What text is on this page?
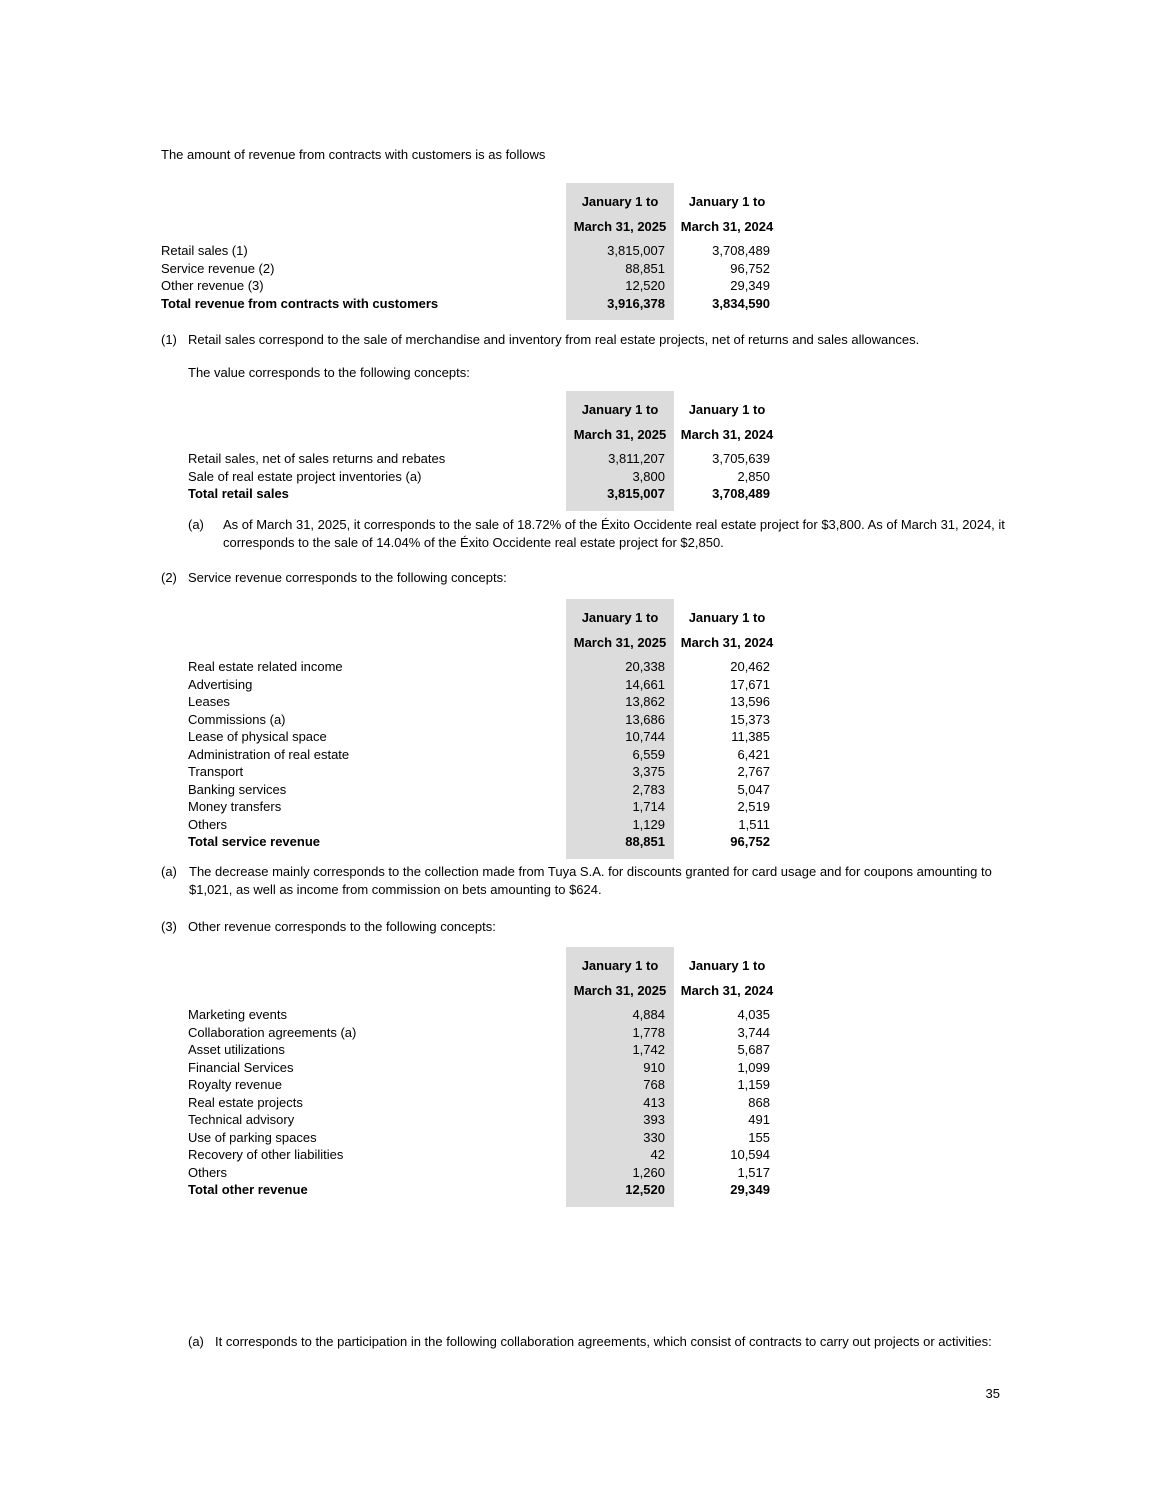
The amount of revenue from contracts with customers is as follows

January 1 to	January 1 to
March 31, 2025	March 31, 2024
Retail sales (1)	3,815,007	3,708,489
Service revenue (2)	88,851	96,752
Other revenue (3)	12,520	29,349
Total revenue from contracts with customers	3,916,378	3,834,590
(1) Retail sales correspond to the sale of merchandise and inventory from real estate projects, net of returns and sales allowances.

The value corresponds to the following concepts:

January 1 to	January 1 to
March 31, 2025	March 31, 2024
Retail sales, net of sales returns and rebates	3,811,207	3,705,639
Sale of real estate project inventories (a)	3,800	2,850
Total retail sales	3,815,007	3,708,489
(a) As of March 31, 2025, it corresponds to the sale of 18.72% of the Éxito Occidente real estate project for $3,800. As of March 31, 2024, it corresponds to the sale of 14.04% of the Éxito Occidente real estate project for $2,850.
(2) Service revenue corresponds to the following concepts:
January 1 to	January 1 to
March 31, 2025	March 31, 2024
Real estate related income	20,338	20,462
Advertising	14,661	17,671
Leases	13,862	13,596
Commissions (a)	13,686	15,373
Lease of physical space	10,744	11,385
Administration of real estate	6,559	6,421
Transport	3,375	2,767
Banking services	2,783	5,047
Money transfers	1,714	2,519
Others	1,129	1,511
Total service revenue	88,851	96,752
(a) The decrease mainly corresponds to the collection made from Tuya S.A. for discounts granted for card usage and for coupons amounting to $1,021, as well as income from commission on bets amounting to $624.
(3) Other revenue corresponds to the following concepts:
January 1 to	January 1 to
March 31, 2025	March 31, 2024
Marketing events	4,884	4,035
Collaboration agreements (a)	1,778	3,744
Asset utilizations	1,742	5,687
Financial Services	910	1,099
Royalty revenue	768	1,159
Real estate projects	413	868
Technical advisory	393	491
Use of parking spaces	330	155
Recovery of other liabilities	42	10,594
Others	1,260	1,517
Total other revenue	12,520	29,349
(a) It corresponds to the participation in the following collaboration agreements, which consist of contracts to carry out projects or activities:
35
